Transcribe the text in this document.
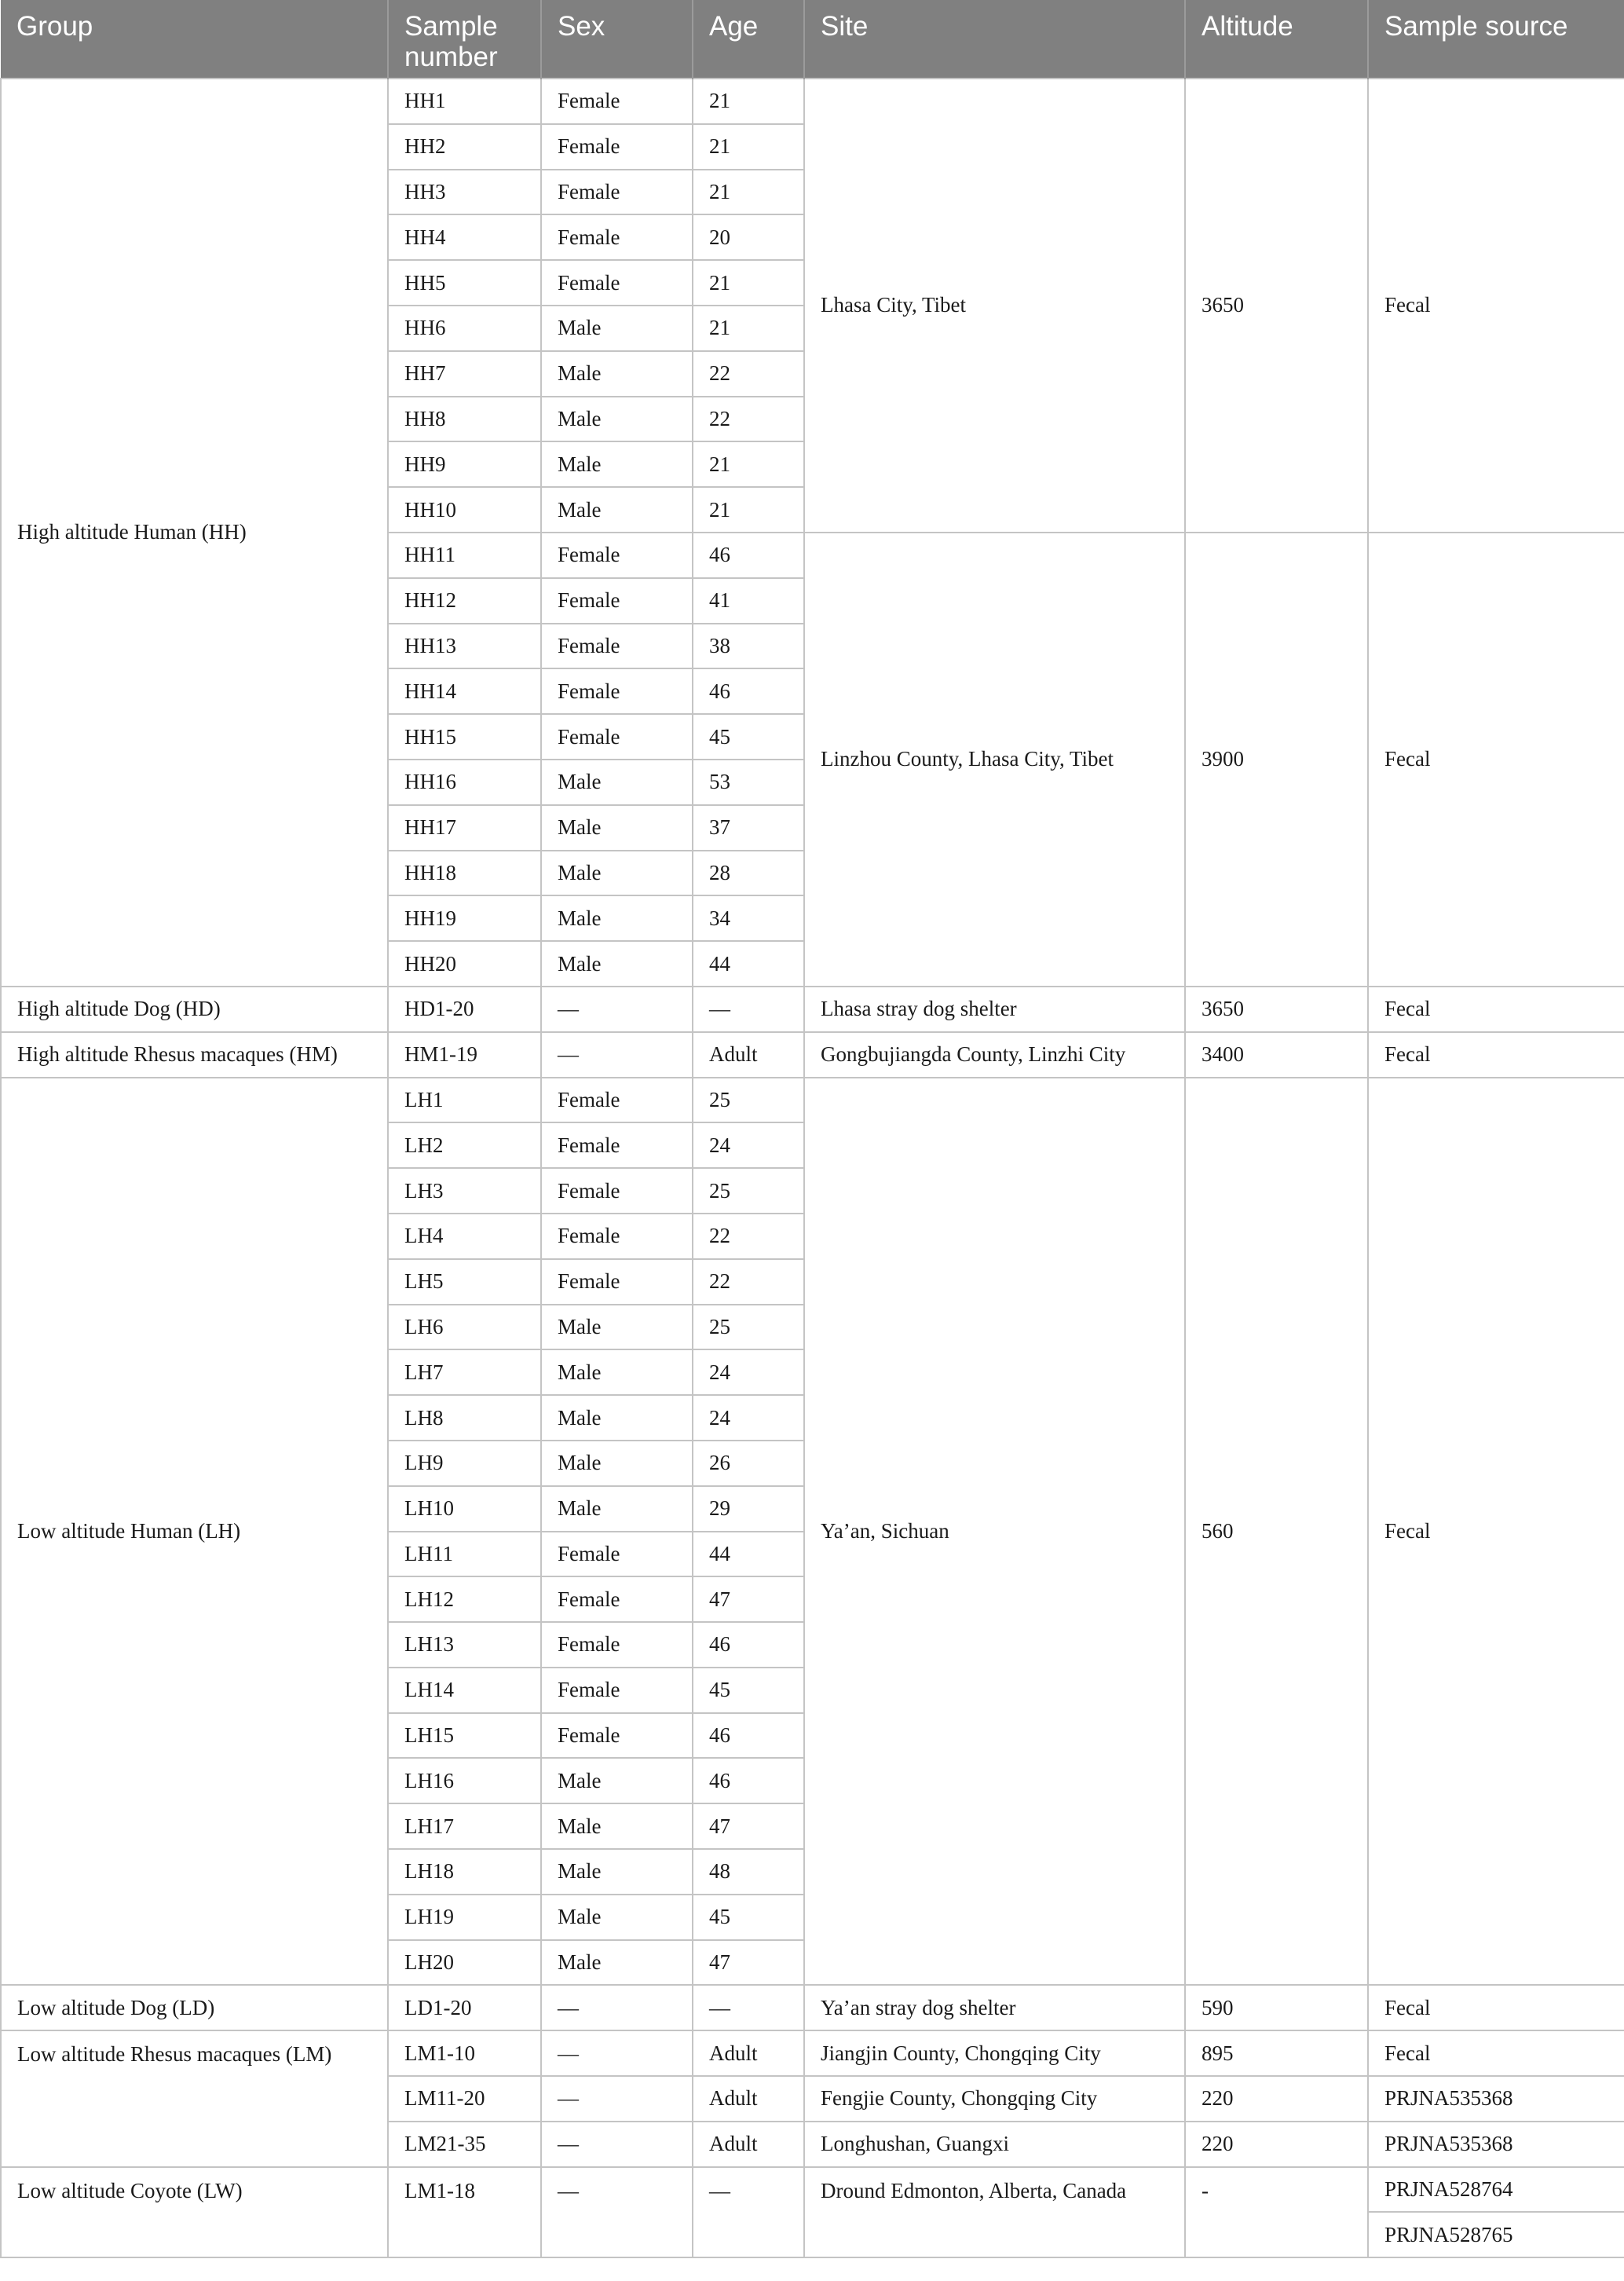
Group	Sample number	Sex	Age	Site	Altitude	Sample source
High altitude Human (HH)	HH1	Female	21	Lhasa City, Tibet	3650	Fecal
	HH2	Female	21			
	HH3	Female	21			
	HH4	Female	20			
	HH5	Female	21			
	HH6	Male	21			
	HH7	Male	22			
	HH8	Male	22			
	HH9	Male	21			
	HH10	Male	21			
	HH11	Female	46	Linzhou County, Lhasa City, Tibet	3900	Fecal
	HH12	Female	41			
	HH13	Female	38			
	HH14	Female	46			
	HH15	Female	45			
	HH16	Male	53			
	HH17	Male	37			
	HH18	Male	28			
	HH19	Male	34			
	HH20	Male	44			
High altitude Dog (HD)	HD1-20	—	—	Lhasa stray dog shelter	3650	Fecal
High altitude Rhesus macaques (HM)	HM1-19	—	Adult	Gongbujiangda County, Linzhi City	3400	Fecal
Low altitude Human (LH)	LH1	Female	25	Ya’an, Sichuan	560	Fecal
	LH2	Female	24			
	LH3	Female	25			
	LH4	Female	22			
	LH5	Female	22			
	LH6	Male	25			
	LH7	Male	24			
	LH8	Male	24			
	LH9	Male	26			
	LH10	Male	29			
	LH11	Female	44			
	LH12	Female	47			
	LH13	Female	46			
	LH14	Female	45			
	LH15	Female	46			
	LH16	Male	46			
	LH17	Male	47			
	LH18	Male	48			
	LH19	Male	45			
	LH20	Male	47			
Low altitude Dog (LD)	LD1-20	—	—	Ya’an stray dog shelter	590	Fecal
Low altitude Rhesus macaques (LM)	LM1-10	—	Adult	Jiangjin County, Chongqing City	895	Fecal
	LM11-20	—	Adult	Fengjie County, Chongqing City	220	PRJNA535368
	LM21-35	—	Adult	Longhushan, Guangxi	220	PRJNA535368
Low altitude Coyote (LW)	LM1-18	—	—	Dround Edmonton, Alberta, Canada	-	PRJNA528764
						PRJNA528765
